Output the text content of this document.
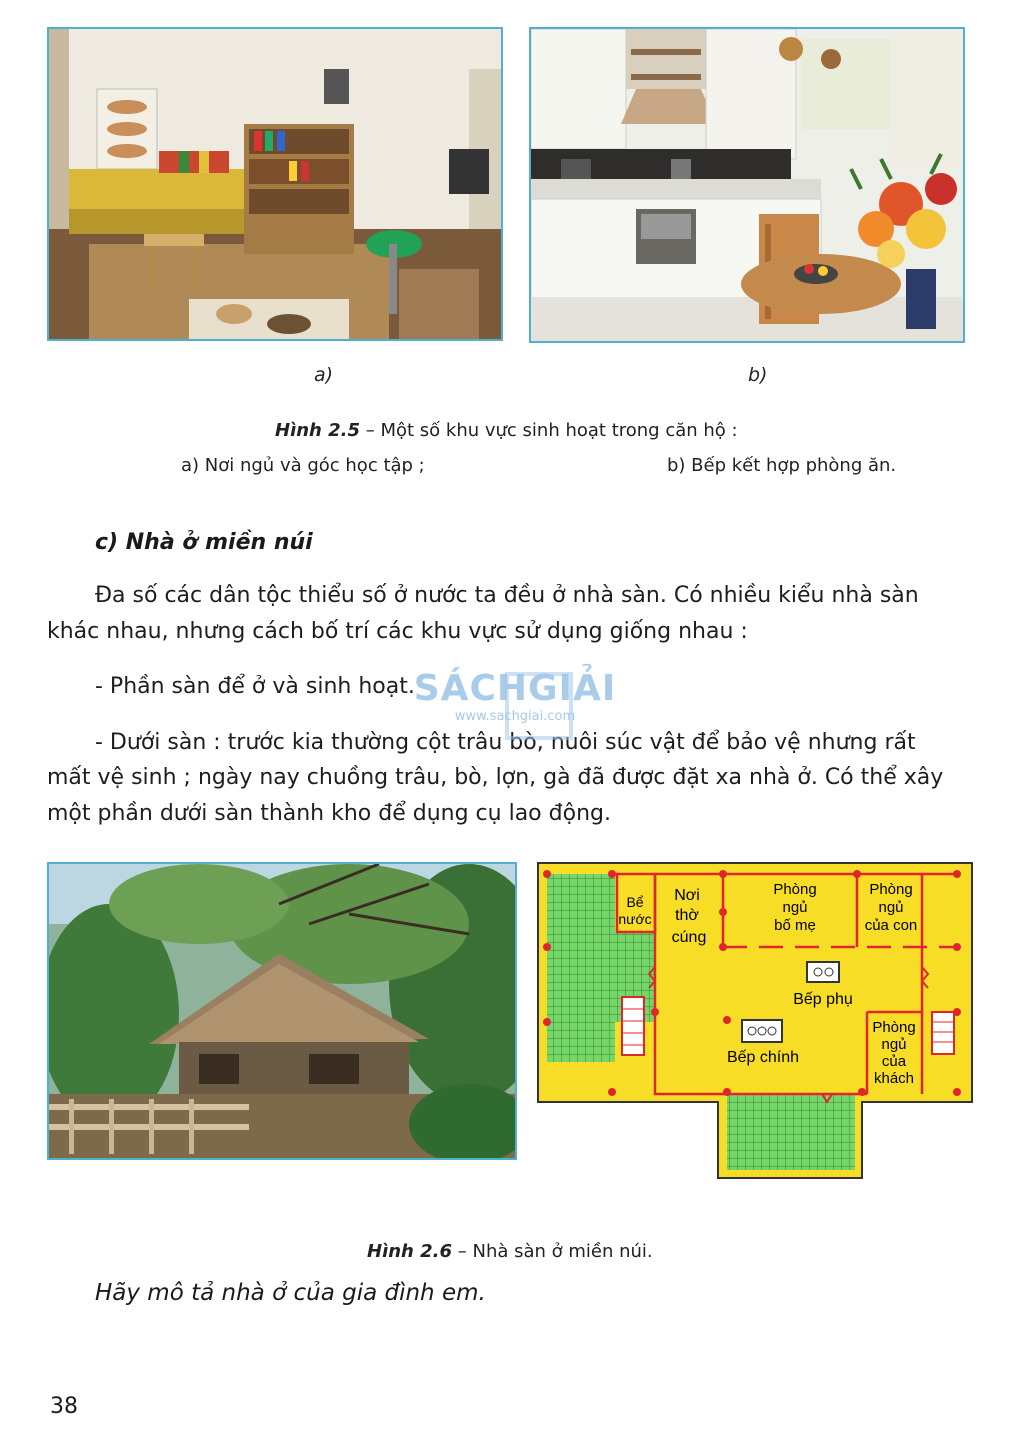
a)	b)
Hình 2.5 – Một số khu vực sinh hoạt trong căn hộ :
a) Nơi ngủ và góc học tập ;	b) Bếp kết hợp phòng ăn.
c) Nhà ở miền núi
Đa số các dân tộc thiểu số ở nước ta đều ở nhà sàn. Có nhiều kiểu nhà sàn
khác nhau, nhưng cách bố trí các khu vực sử dụng giống nhau :
- Phần sàn để ở và sinh hoạt.
- Dưới sàn : trước kia thường cột trâu bò, nuôi súc vật để bảo vệ nhưng rất
mất vệ sinh ; ngày nay chuồng trâu, bò, lợn, gà đã được đặt xa nhà ở. Có thể xây
một phần dưới sàn thành kho để dụng cụ lao động.
SÁCHGIẢI
www.sachgiai.com
Bể
nước
Nơi
thờ
cúng
Phòng
ngủ
bố mẹ
Phòng
ngủ
của con
Bếp phụ
Bếp chính
Phòng
ngủ
của
khách
Hình 2.6 – Nhà sàn ở miền núi.
Hãy mô tả nhà ở của gia đình em.
38
